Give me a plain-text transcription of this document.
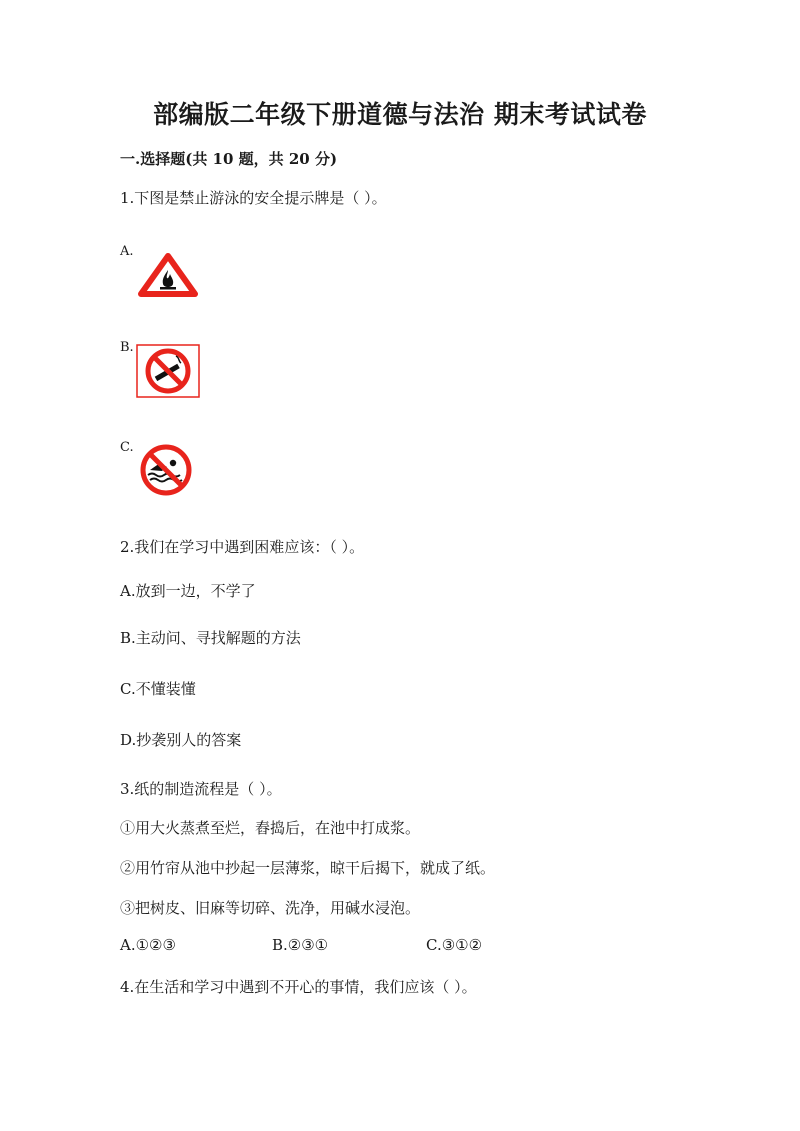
部编版二年级下册道德与法治 期末考试试卷
一.选择题(共 10 题，共 20 分)
1.下图是禁止游泳的安全提示牌是（ ）。
A.
B.
C.
2.我们在学习中遇到困难应该：（ ）。
A.放到一边，不学了
B.主动问、寻找解题的方法
C.不懂装懂
D.抄袭别人的答案
3.纸的制造流程是（ ）。
①用大火蒸煮至烂，舂捣后，在池中打成浆。
②用竹帘从池中抄起一层薄浆，晾干后揭下，就成了纸。
③把树皮、旧麻等切碎、洗净，用碱水浸泡。
A.①②③	B.②③①	C.③①②
4.在生活和学习中遇到不开心的事情，我们应该（ ）。
